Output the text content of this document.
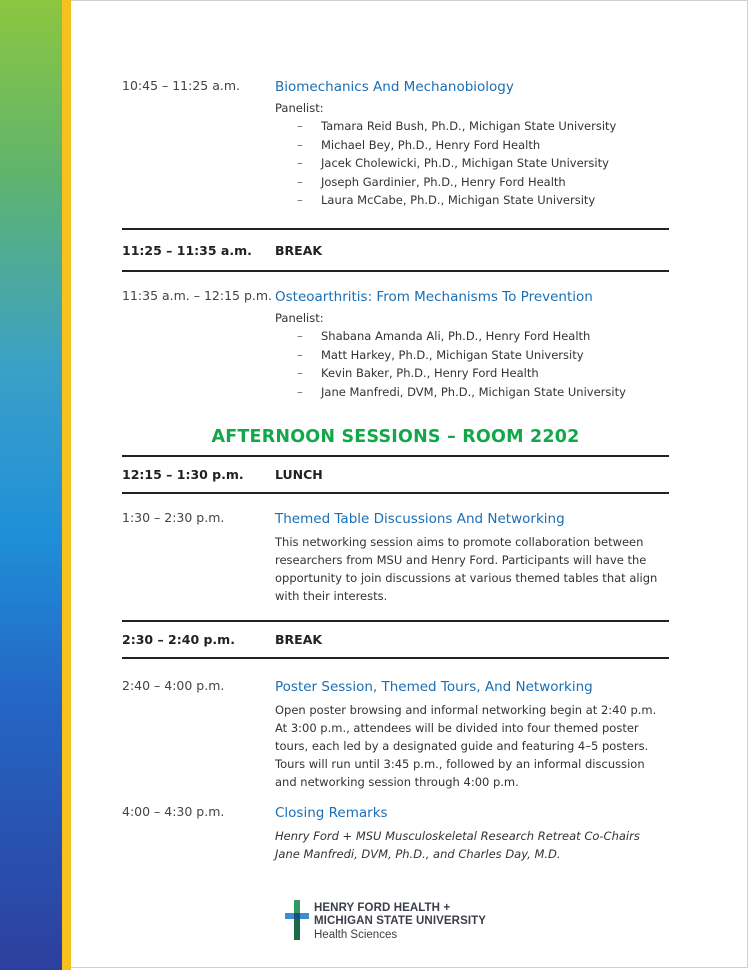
10:45 – 11:25 a.m.	Biomechanics And Mechanobiology
Panelist:
– Tamara Reid Bush, Ph.D., Michigan State University
– Michael Bey, Ph.D., Henry Ford Health
– Jacek Cholewicki, Ph.D., Michigan State University
– Joseph Gardinier, Ph.D., Henry Ford Health
– Laura McCabe, Ph.D., Michigan State University
11:25 – 11:35 a.m. BREAK
11:35 a.m. – 12:15 p.m. Osteoarthritis: From Mechanisms To Prevention
Panelist:
– Shabana Amanda Ali, Ph.D., Henry Ford Health
– Matt Harkey, Ph.D., Michigan State University
– Kevin Baker, Ph.D., Henry Ford Health
– Jane Manfredi, DVM, Ph.D., Michigan State University
AFTERNOON SESSIONS – ROOM 2202
12:15 – 1:30 p.m.	LUNCH
1:30 – 2:30 p.m.	Themed Table Discussions And Networking
This networking session aims to promote collaboration between researchers from MSU and Henry Ford. Participants will have the opportunity to join discussions at various themed tables that align with their interests.
2:30 – 2:40 p.m.	BREAK
2:40 – 4:00 p.m.	Poster Session, Themed Tours, And Networking
Open poster browsing and informal networking begin at 2:40 p.m. At 3:00 p.m., attendees will be divided into four themed poster tours, each led by a designated guide and featuring 4–5 posters. Tours will run until 3:45 p.m., followed by an informal discussion and networking session through 4:00 p.m.
4:00 – 4:30 p.m.	Closing Remarks
Henry Ford + MSU Musculoskeletal Research Retreat Co-Chairs
Jane Manfredi, DVM, Ph.D., and Charles Day, M.D.
HENRY FORD HEALTH +
MICHIGAN STATE UNIVERSITY
Health Sciences
